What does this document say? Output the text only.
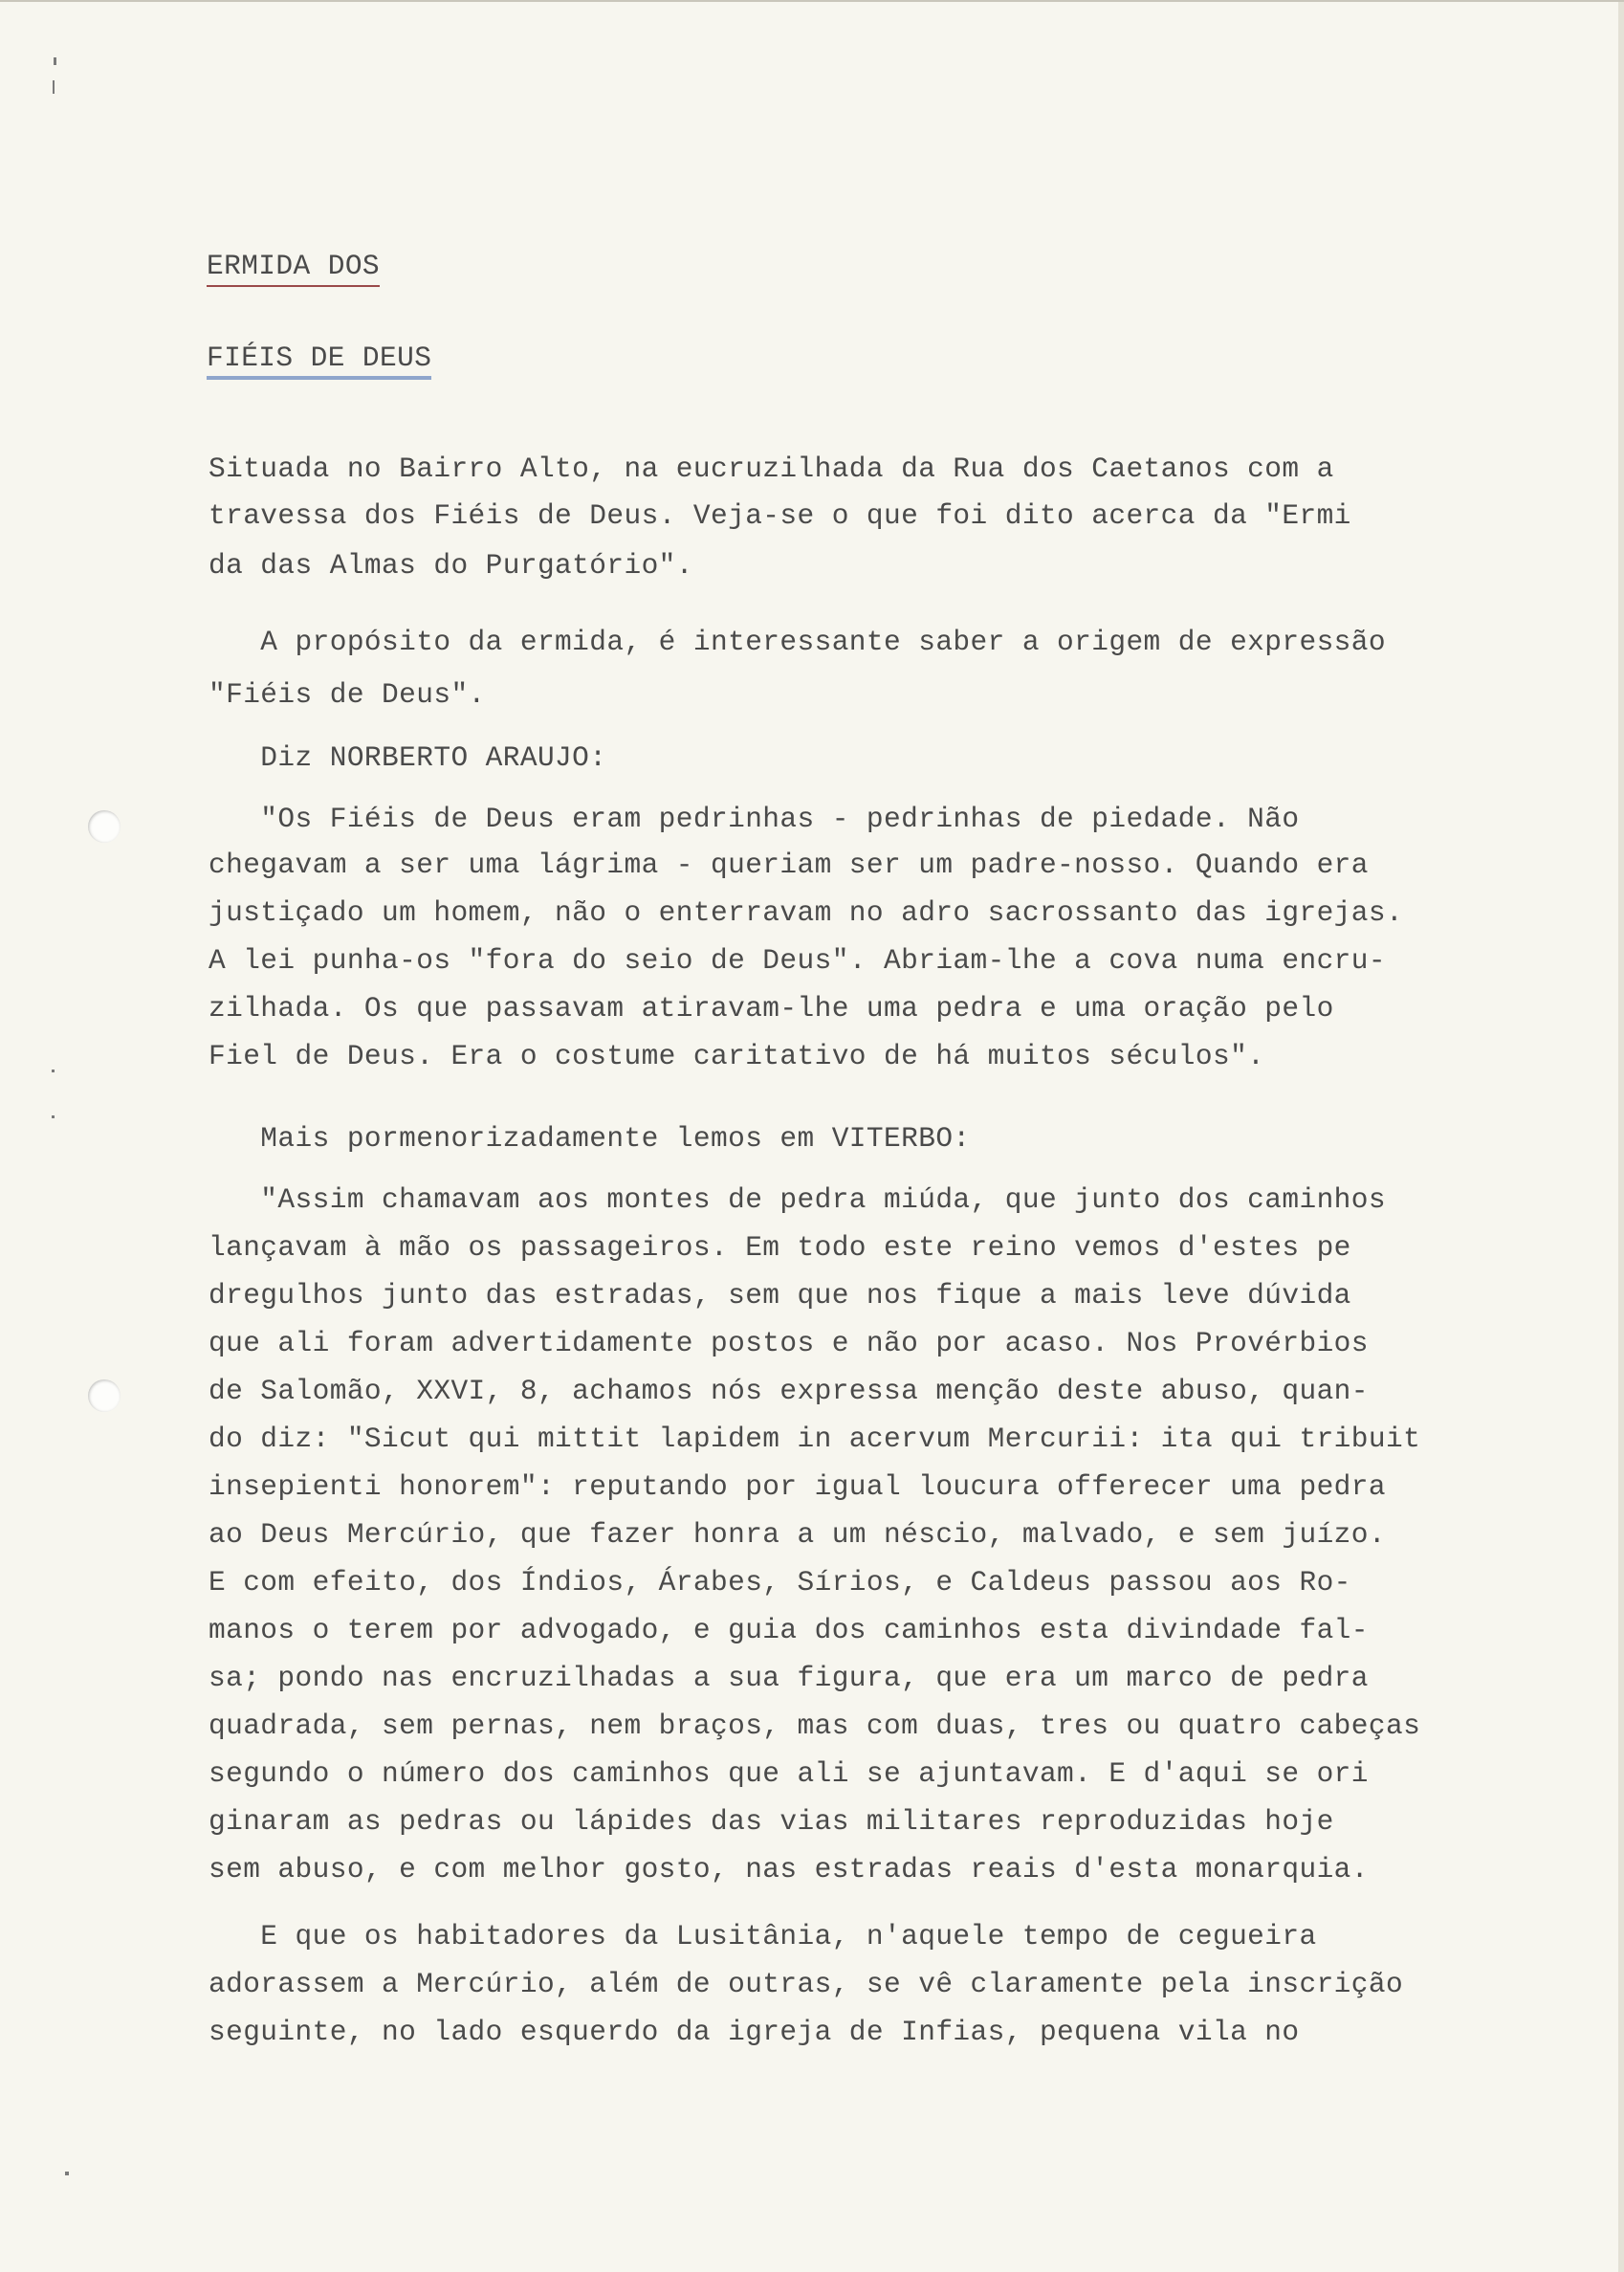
ERMIDA DOS
FIÉIS DE DEUS
Situada no Bairro Alto, na eucruzilhada da Rua dos Caetanos com a
travessa dos Fiéis de Deus. Veja-se o que foi dito acerca da "Ermi
da das Almas do Purgatório".
A propósito da ermida, é interessante saber a origem de expressão
"Fiéis de Deus".
Diz NORBERTO ARAUJO:
"Os Fiéis de Deus eram pedrinhas - pedrinhas de piedade. Não
chegavam a ser uma lágrima - queriam ser um padre-nosso. Quando era
justiçado um homem, não o enterravam no adro sacrossanto das igrejas.
A lei punha-os "fora do seio de Deus". Abriam-lhe a cova numa encru-
zilhada. Os que passavam atiravam-lhe uma pedra e uma oração pelo
Fiel de Deus. Era o costume caritativo de há muitos séculos".
Mais pormenorizadamente lemos em VITERBO:
"Assim chamavam aos montes de pedra miúda, que junto dos caminhos
lançavam à mão os passageiros. Em todo este reino vemos d'estes pe
dregulhos junto das estradas, sem que nos fique a mais leve dúvida
que ali foram advertidamente postos e não por acaso. Nos Provérbios
de Salomão, XXVI, 8, achamos nós expressa menção deste abuso, quan-
do diz: "Sicut qui mittit lapidem in acervum Mercurii: ita qui tribuit
insepienti honorem": reputando por igual loucura offerecer uma pedra
ao Deus Mercúrio, que fazer honra a um néscio, malvado, e sem juízo.
E com efeito, dos Índios, Árabes, Sírios, e Caldeus passou aos Ro-
manos o terem por advogado, e guia dos caminhos esta divindade fal-
sa; pondo nas encruzilhadas a sua figura, que era um marco de pedra
quadrada, sem pernas, nem braços, mas com duas, tres ou quatro cabeças
segundo o número dos caminhos que ali se ajuntavam. E d'aqui se ori
ginaram as pedras ou lápides das vias militares reproduzidas hoje
sem abuso, e com melhor gosto, nas estradas reais d'esta monarquia.
E que os habitadores da Lusitânia, n'aquele tempo de cegueira
adorassem a Mercúrio, além de outras, se vê claramente pela inscrição
seguinte, no lado esquerdo da igreja de Infias, pequena vila no
